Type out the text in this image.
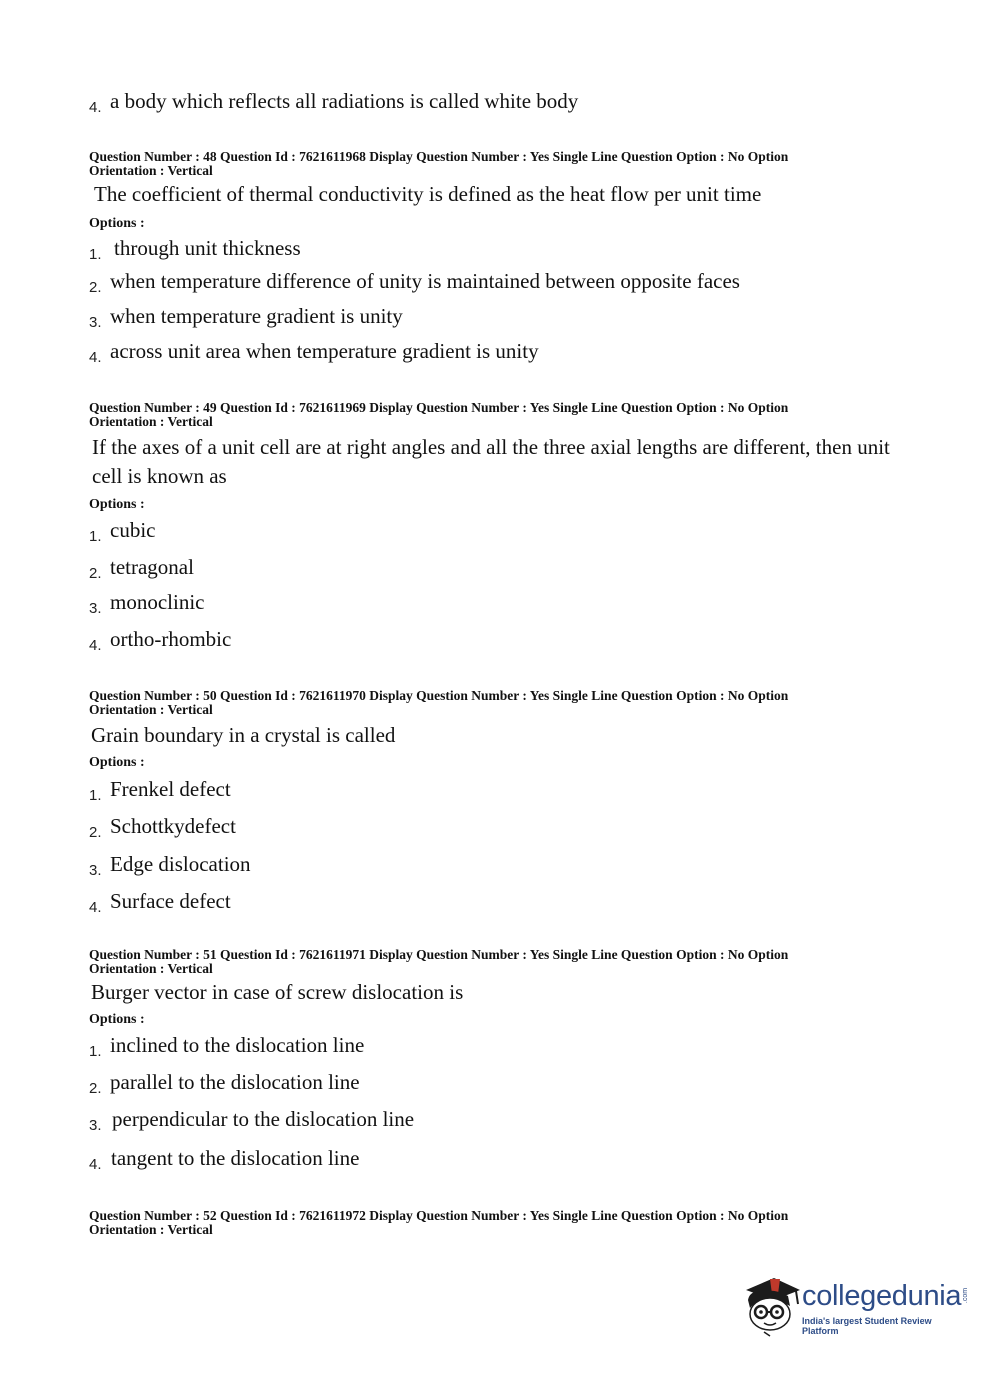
4. a body which reflects all radiations is called white body
Question Number : 48 Question Id : 7621611968 Display Question Number : Yes Single Line Question Option : No Option
Orientation : Vertical
The coefficient of thermal conductivity is defined as the heat flow per unit time
Options :
1. through unit thickness
2. when temperature difference of unity is maintained between opposite faces
3. when temperature gradient is unity
4. across unit area when temperature gradient is unity
Question Number : 49 Question Id : 7621611969 Display Question Number : Yes Single Line Question Option : No Option
Orientation : Vertical
If the axes of a unit cell are at right angles and all the three axial lengths are different, then unit cell is known as
Options :
1. cubic
2. tetragonal
3. monoclinic
4. ortho-rhombic
Question Number : 50 Question Id : 7621611970 Display Question Number : Yes Single Line Question Option : No Option
Orientation : Vertical
Grain boundary in a crystal is called
Options :
1. Frenkel defect
2. Schottkydefect
3. Edge dislocation
4. Surface defect
Question Number : 51 Question Id : 7621611971 Display Question Number : Yes Single Line Question Option : No Option
Orientation : Vertical
Burger vector in case of screw dislocation is
Options :
1. inclined to the dislocation line
2. parallel to the dislocation line
3. perpendicular to the dislocation line
4. tangent to the dislocation line
Question Number : 52 Question Id : 7621611972 Display Question Number : Yes Single Line Question Option : No Option
Orientation : Vertical
collegedunia .com
India's largest Student Review Platform
